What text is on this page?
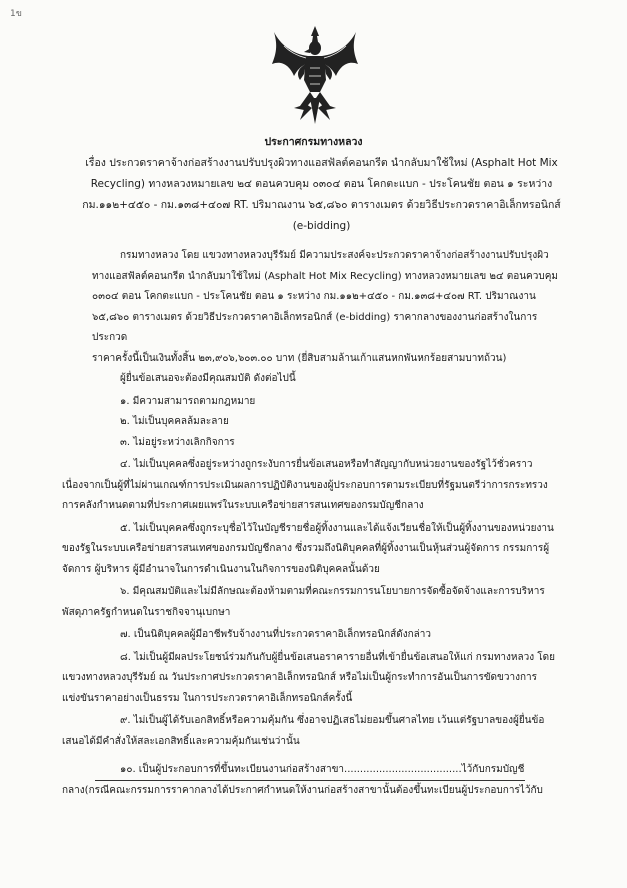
1ข
ประกาศกรมทางหลวง
เรื่อง ประกวดราคาจ้างก่อสร้างงานปรับปรุงผิวทางแอสฟัลต์คอนกรีต นำกลับมาใช้ใหม่ (Asphalt Hot Mix
Recycling) ทางหลวงหมายเลข ๒๔ ตอนควบคุม ๐๓๐๔ ตอน โคกตะแบก - ประโคนชัย ตอน ๑ ระหว่าง
กม.๑๑๒+๔๕๐ - กม.๑๓๘+๔๐๗ RT. ปริมาณงาน ๖๕,๘๖๐ ตารางเมตร ด้วยวิธีประกวดราคาอิเล็กทรอนิกส์
(e-bidding)
กรมทางหลวง โดย แขวงทางหลวงบุรีรัมย์ มีความประสงค์จะประกวดราคาจ้างก่อสร้างงานปรับปรุงผิว
ทางแอสฟัลต์คอนกรีต นำกลับมาใช้ใหม่ (Asphalt Hot Mix Recycling) ทางหลวงหมายเลข ๒๔ ตอนควบคุม
๐๓๐๔ ตอน โคกตะแบก - ประโคนชัย ตอน ๑ ระหว่าง กม.๑๑๒+๔๕๐ - กม.๑๓๘+๔๐๗ RT. ปริมาณงาน
๖๕,๘๖๐ ตารางเมตร ด้วยวิธีประกวดราคาอิเล็กทรอนิกส์ (e-bidding) ราคากลางของงานก่อสร้างในการประกวด
ราคาครั้งนี้เป็นเงินทั้งสิ้น ๒๓,๙๐๖,๖๐๓.๐๐ บาท (ยี่สิบสามล้านเก้าแสนหกพันหกร้อยสามบาทถ้วน)
ผู้ยื่นข้อเสนอจะต้องมีคุณสมบัติ ดังต่อไปนี้
๑. มีความสามารถตามกฎหมาย
๒. ไม่เป็นบุคคลล้มละลาย
๓. ไม่อยู่ระหว่างเลิกกิจการ
๔. ไม่เป็นบุคคลซึ่งอยู่ระหว่างถูกระงับการยื่นข้อเสนอหรือทำสัญญากับหน่วยงานของรัฐไว้ชั่วคราว
เนื่องจากเป็นผู้ที่ไม่ผ่านเกณฑ์การประเมินผลการปฏิบัติงานของผู้ประกอบการตามระเบียบที่รัฐมนตรีว่าการกระทรวง
การคลังกำหนดตามที่ประกาศเผยแพร่ในระบบเครือข่ายสารสนเทศของกรมบัญชีกลาง
๕. ไม่เป็นบุคคลซึ่งถูกระบุชื่อไว้ในบัญชีรายชื่อผู้ทิ้งงานและได้แจ้งเวียนชื่อให้เป็นผู้ทิ้งงานของหน่วยงาน
ของรัฐในระบบเครือข่ายสารสนเทศของกรมบัญชีกลาง ซึ่งรวมถึงนิติบุคคลที่ผู้ทิ้งงานเป็นหุ้นส่วนผู้จัดการ กรรมการผู้
จัดการ ผู้บริหาร ผู้มีอำนาจในการดำเนินงานในกิจการของนิติบุคคลนั้นด้วย
๖. มีคุณสมบัติและไม่มีลักษณะต้องห้ามตามที่คณะกรรมการนโยบายการจัดซื้อจัดจ้างและการบริหาร
พัสดุภาครัฐกำหนดในราชกิจจานุเบกษา
๗. เป็นนิติบุคคลผู้มีอาชีพรับจ้างงานที่ประกวดราคาอิเล็กทรอนิกส์ดังกล่าว
๘. ไม่เป็นผู้มีผลประโยชน์ร่วมกันกับผู้ยื่นข้อเสนอราคารายอื่นที่เข้ายื่นข้อเสนอให้แก่ กรมทางหลวง โดย
แขวงทางหลวงบุรีรัมย์ ณ วันประกาศประกวดราคาอิเล็กทรอนิกส์ หรือไม่เป็นผู้กระทำการอันเป็นการขัดขวางการ
แข่งขันราคาอย่างเป็นธรรม ในการประกวดราคาอิเล็กทรอนิกส์ครั้งนี้
๙. ไม่เป็นผู้ได้รับเอกสิทธิ์หรือความคุ้มกัน ซึ่งอาจปฏิเสธไม่ยอมขึ้นศาลไทย เว้นแต่รัฐบาลของผู้ยื่นข้อ
เสนอได้มีคำสั่งให้สละเอกสิทธิ์และความคุ้มกันเช่นว่านั้น
๑๐. เป็นผู้ประกอบการที่ขึ้นทะเบียนงานก่อสร้างสาขา.....................................ไว้กับกรมบัญชี
กลาง(กรณีคณะกรรมการราคากลางได้ประกาศกำหนดให้งานก่อสร้างสาขานั้นต้องขึ้นทะเบียนผู้ประกอบการไว้กับ
